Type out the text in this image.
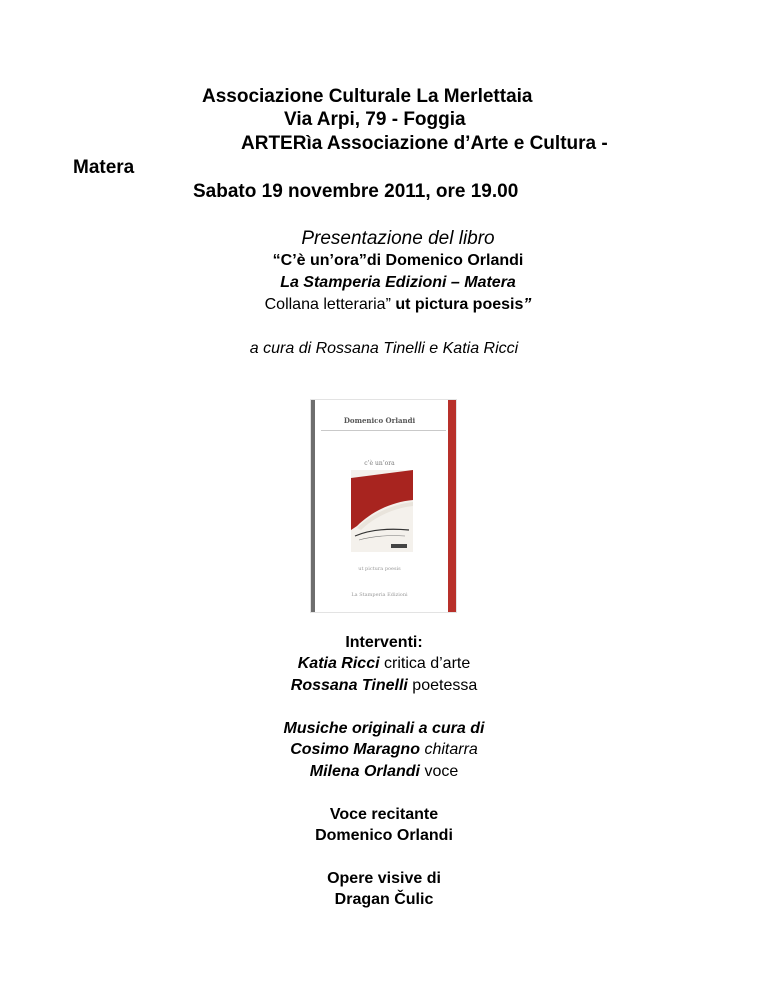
Associazione Culturale La Merlettaia
Via Arpi, 79 - Foggia
ARTERìa Associazione d’Arte e Cultura -
Matera
Sabato 19 novembre 2011, ore 19.00
Presentazione del libro
“C’è un’ora”di Domenico Orlandi
La Stamperia Edizioni – Matera
Collana letteraria” ut pictura poesis”
a cura di Rossana Tinelli e Katia Ricci
Domenico Orlandi
c’è un’ora
ut pictura poesis
La Stamperia Edizioni
Interventi:
Katia Ricci critica d’arte
Rossana Tinelli poetessa
Musiche originali a cura di
Cosimo Maragno chitarra
Milena Orlandi voce
Voce recitante
Domenico Orlandi
Opere visive di
Dragan Čulic
